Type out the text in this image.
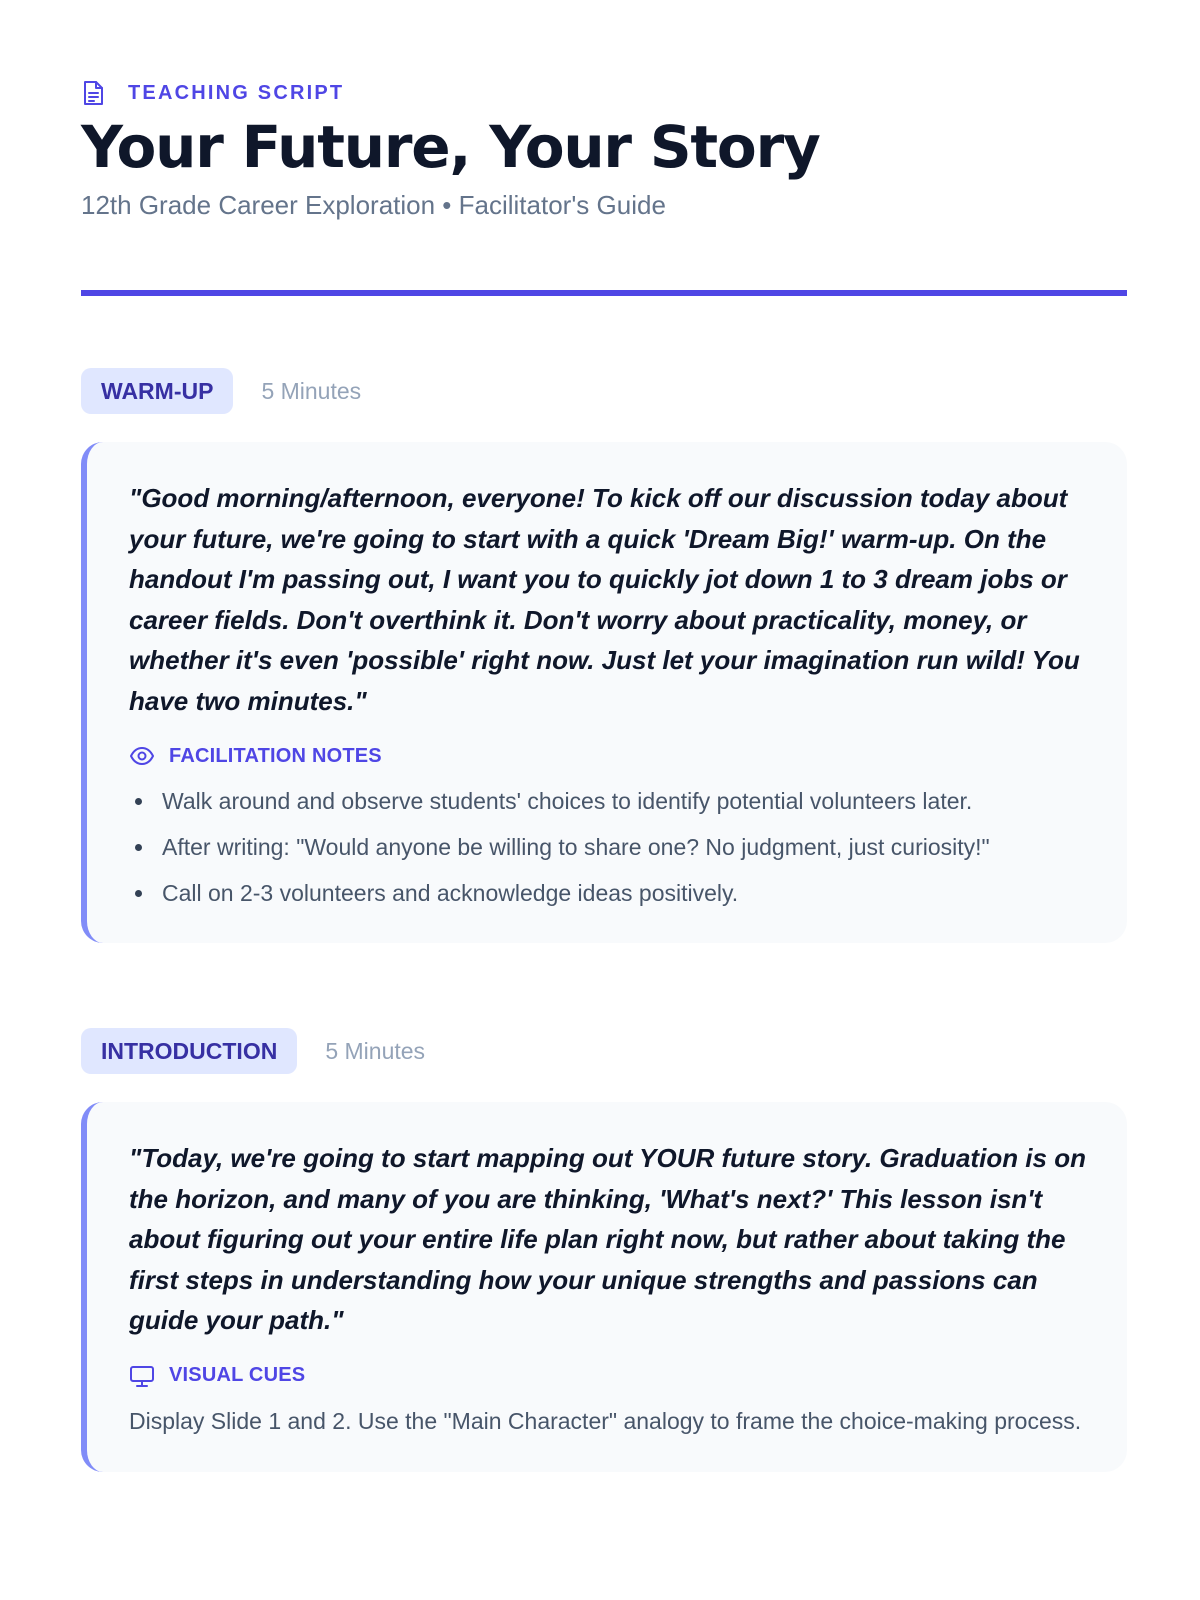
TEACHING SCRIPT
Your Future, Your Story
12th Grade Career Exploration • Facilitator's Guide
WARM-UP	5 Minutes

"Good morning/afternoon, everyone! To kick off our discussion today about your future, we're going to start with a quick 'Dream Big!' warm-up. On the handout I'm passing out, I want you to quickly jot down 1 to 3 dream jobs or career fields. Don't overthink it. Don't worry about practicality, money, or whether it's even 'possible' right now. Just let your imagination run wild! You have two minutes."

FACILITATION NOTES
Walk around and observe students' choices to identify potential volunteers later.
After writing: "Would anyone be willing to share one? No judgment, just curiosity!"
Call on 2-3 volunteers and acknowledge ideas positively.
INTRODUCTION	5 Minutes

"Today, we're going to start mapping out YOUR future story. Graduation is on the horizon, and many of you are thinking, 'What's next?' This lesson isn't about figuring out your entire life plan right now, but rather about taking the first steps in understanding how your unique strengths and passions can guide your path."

VISUAL CUES

Display Slide 1 and 2. Use the "Main Character" analogy to frame the choice-making process.
